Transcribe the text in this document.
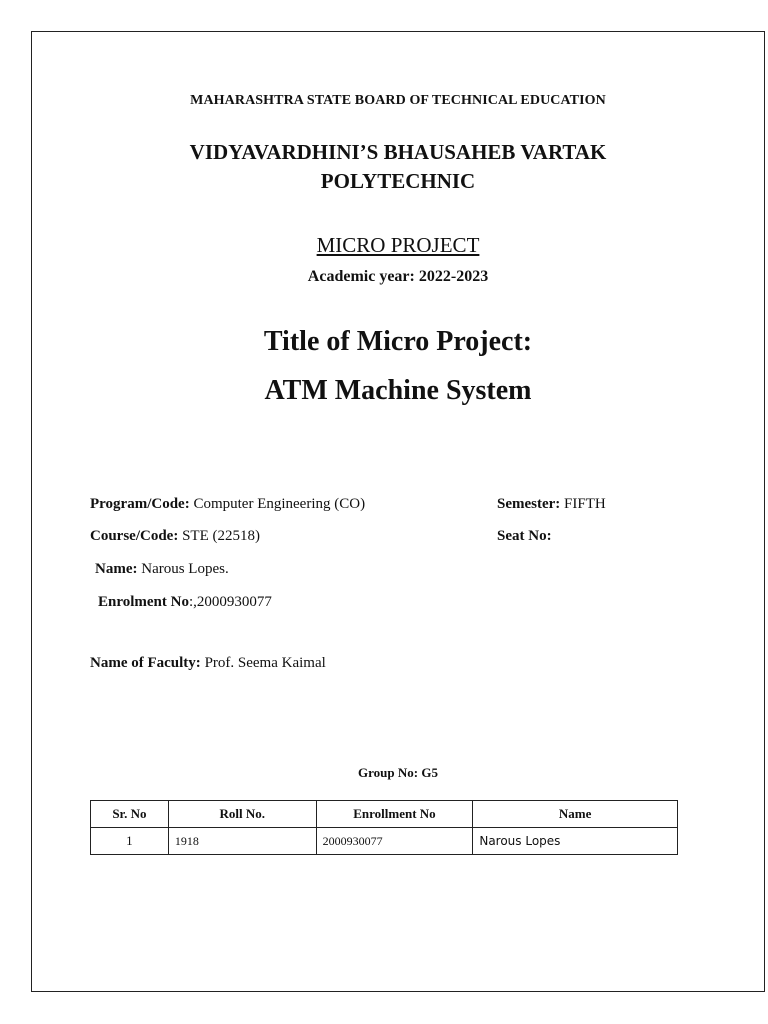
MAHARASHTRA STATE BOARD OF TECHNICAL EDUCATION
VIDYAVARDHINI’S BHAUSAHEB VARTAK
POLYTECHNIC
MICRO PROJECT
Academic year: 2022-2023
Title of Micro Project:
ATM Machine System
Program/Code: Computer Engineering (CO)	Semester: FIFTH
Course/Code: STE (22518)	Seat No:
Name: Narous Lopes.
Enrolment No:,2000930077
Name of Faculty: Prof. Seema Kaimal
Group No: G5
Sr. No	Roll No.	Enrollment No	Name
1	1918	2000930077	Narous Lopes
